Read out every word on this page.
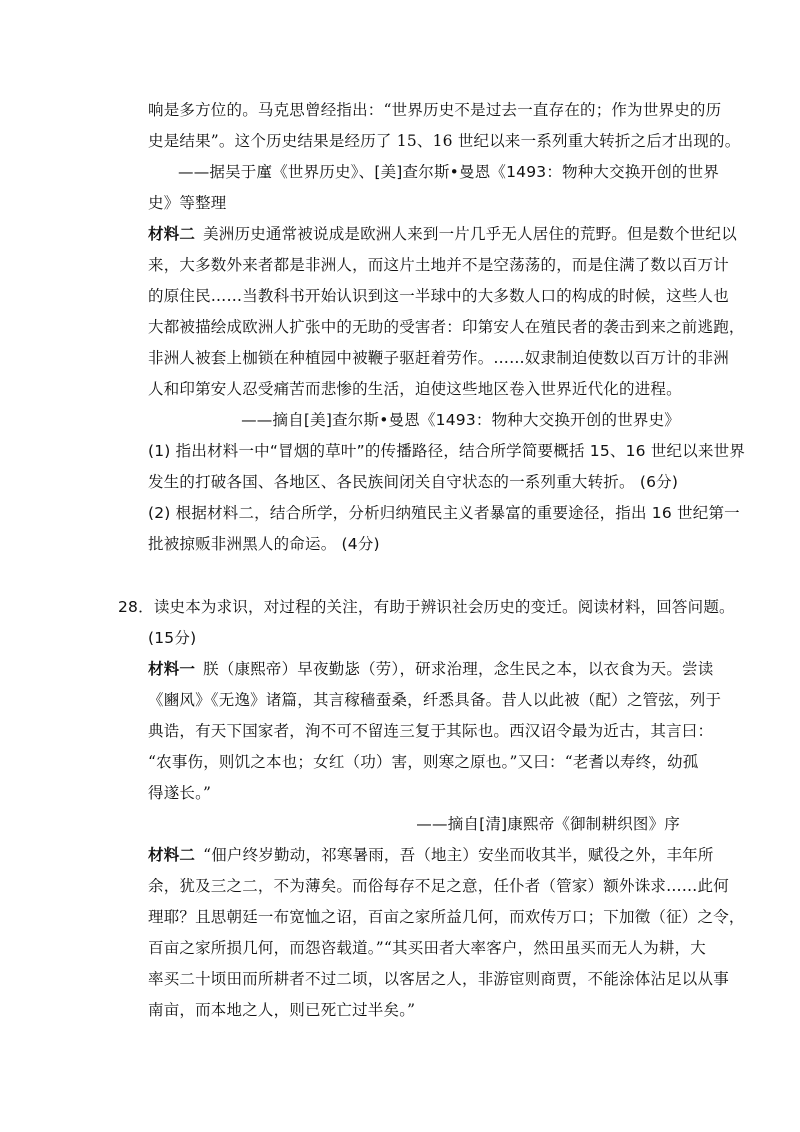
响是多方位的。马克思曾经指出：“世界历史不是过去一直存在的；作为世界史的历
史是结果”。这个历史结果是经历了 15、16 世纪以来一系列重大转折之后才出现的。
——据吴于廑《世界历史》、[美]查尔斯•曼恩《1493：物种大交换开创的世界
史》等整理
材料二 美洲历史通常被说成是欧洲人来到一片几乎无人居住的荒野。但是数个世纪以
来，大多数外来者都是非洲人，而这片土地并不是空荡荡的，而是住满了数以百万计
的原住民……当教科书开始认识到这一半球中的大多数人口的构成的时候，这些人也
大都被描绘成欧洲人扩张中的无助的受害者：印第安人在殖民者的袭击到来之前逃跑，
非洲人被套上枷锁在种植园中被鞭子驱赶着劳作。……奴隶制迫使数以百万计的非洲
人和印第安人忍受痛苦而悲惨的生活，迫使这些地区卷入世界近代化的进程。
——摘自[美]查尔斯•曼恩《1493：物种大交换开创的世界史》
(1) 指出材料一中“冒烟的草叶”的传播路径，结合所学简要概括 15、16 世纪以来世界
发生的打破各国、各地区、各民族间闭关自守状态的一系列重大转折。 (6分)
(2) 根据材料二，结合所学，分析归纳殖民主义者暴富的重要途径，指出 16 世纪第一
批被掠贩非洲黑人的命运。 (4分)
28．读史本为求识，对过程的关注，有助于辨识社会历史的变迁。阅读材料，回答问题。
(15分)
材料一 朕（康熙帝）早夜勤毖（劳），研求治理，念生民之本，以衣食为天。尝读
《豳风》《无逸》诸篇，其言稼穑蚕桑，纤悉具备。昔人以此被（配）之管弦，列于
典诰，有天下国家者，洵不可不留连三复于其际也。西汉诏令最为近古，其言曰：
“农事伤，则饥之本也；女红（功）害，则寒之原也。”又曰：“老耆以寿终，幼孤
得遂长。”
——摘自[清]康熙帝《御制耕织图》序
材料二 “佃户终岁勤动，祁寒暑雨，吾（地主）安坐而收其半，赋役之外，丰年所
余，犹及三之二，不为薄矣。而俗每存不足之意，任仆者（管家）额外诛求……此何
理耶？且思朝廷一布宽恤之诏，百亩之家所益几何，而欢传万口；下加徵（征）之令，
百亩之家所损几何，而怨咨载道。”“其买田者大率客户，然田虽买而无人为耕，大
率买二十顷田而所耕者不过二顷，以客居之人，非游宦则商贾，不能涂体沾足以从事
南亩，而本地之人，则已死亡过半矣。”
